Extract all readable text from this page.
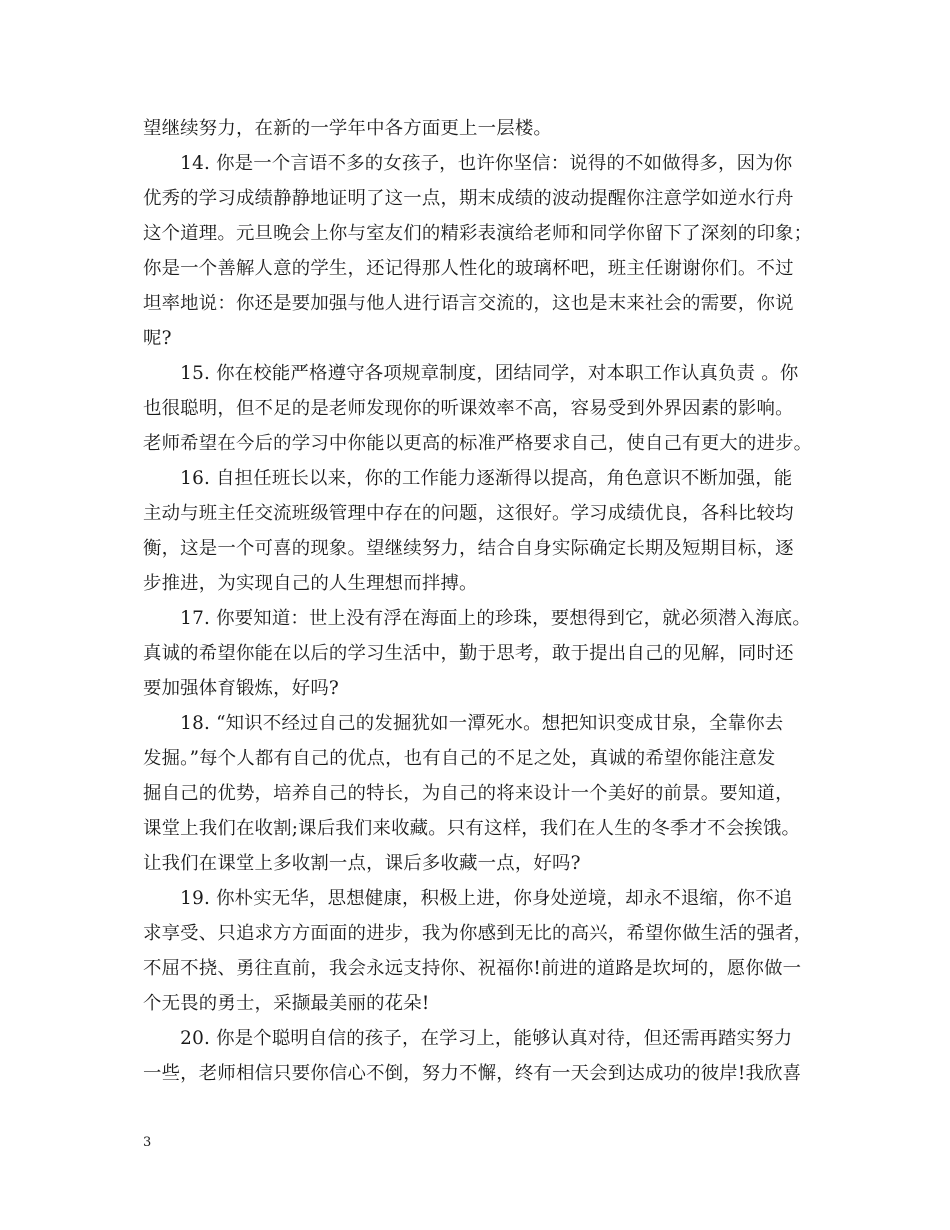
望继续努力，在新的一学年中各方面更上一层楼。
　　14. 你是一个言语不多的女孩子，也许你坚信：说得的不如做得多，因为你
优秀的学习成绩静静地证明了这一点，期末成绩的波动提醒你注意学如逆水行舟
这个道理。元旦晚会上你与室友们的精彩表演给老师和同学你留下了深刻的印象；
你是一个善解人意的学生，还记得那人性化的玻璃杯吧，班主任谢谢你们。不过
坦率地说：你还是要加强与他人进行语言交流的，这也是末来社会的需要，你说
呢?
　　15. 你在校能严格遵守各项规章制度，团结同学，对本职工作认真负责 。你
也很聪明，但不足的是老师发现你的听课效率不高，容易受到外界因素的影响。
老师希望在今后的学习中你能以更高的标准严格要求自己，使自己有更大的进步。
　　16. 自担任班长以来，你的工作能力逐渐得以提高，角色意识不断加强，能
主动与班主任交流班级管理中存在的问题，这很好。学习成绩优良，各科比较均
衡，这是一个可喜的现象。望继续努力，结合自身实际确定长期及短期目标，逐
步推进，为实现自己的人生理想而拌搏。
　　17. 你要知道：世上没有浮在海面上的珍珠，要想得到它，就必须潜入海底。
真诚的希望你能在以后的学习生活中，勤于思考，敢于提出自己的见解，同时还
要加强体育锻炼，好吗?
　　18. “知识不经过自己的发掘犹如一潭死水。想把知识变成甘泉，全靠你去
发掘。”每个人都有自己的优点，也有自己的不足之处，真诚的希望你能注意发
掘自己的优势，培养自己的特长，为自己的将来设计一个美好的前景。要知道，
课堂上我们在收割;课后我们来收藏。只有这样，我们在人生的冬季才不会挨饿。
让我们在课堂上多收割一点，课后多收藏一点，好吗?
　　19. 你朴实无华，思想健康，积极上进，你身处逆境，却永不退缩，你不追
求享受、只追求方方面面的进步，我为你感到无比的高兴，希望你做生活的强者，
不屈不挠、勇往直前，我会永远支持你、祝福你!前进的道路是坎坷的，愿你做一
个无畏的勇士，采撷最美丽的花朵!
　　20. 你是个聪明自信的孩子，在学习上，能够认真对待，但还需再踏实努力
一些，老师相信只要你信心不倒，努力不懈，终有一天会到达成功的彼岸!我欣喜
3
